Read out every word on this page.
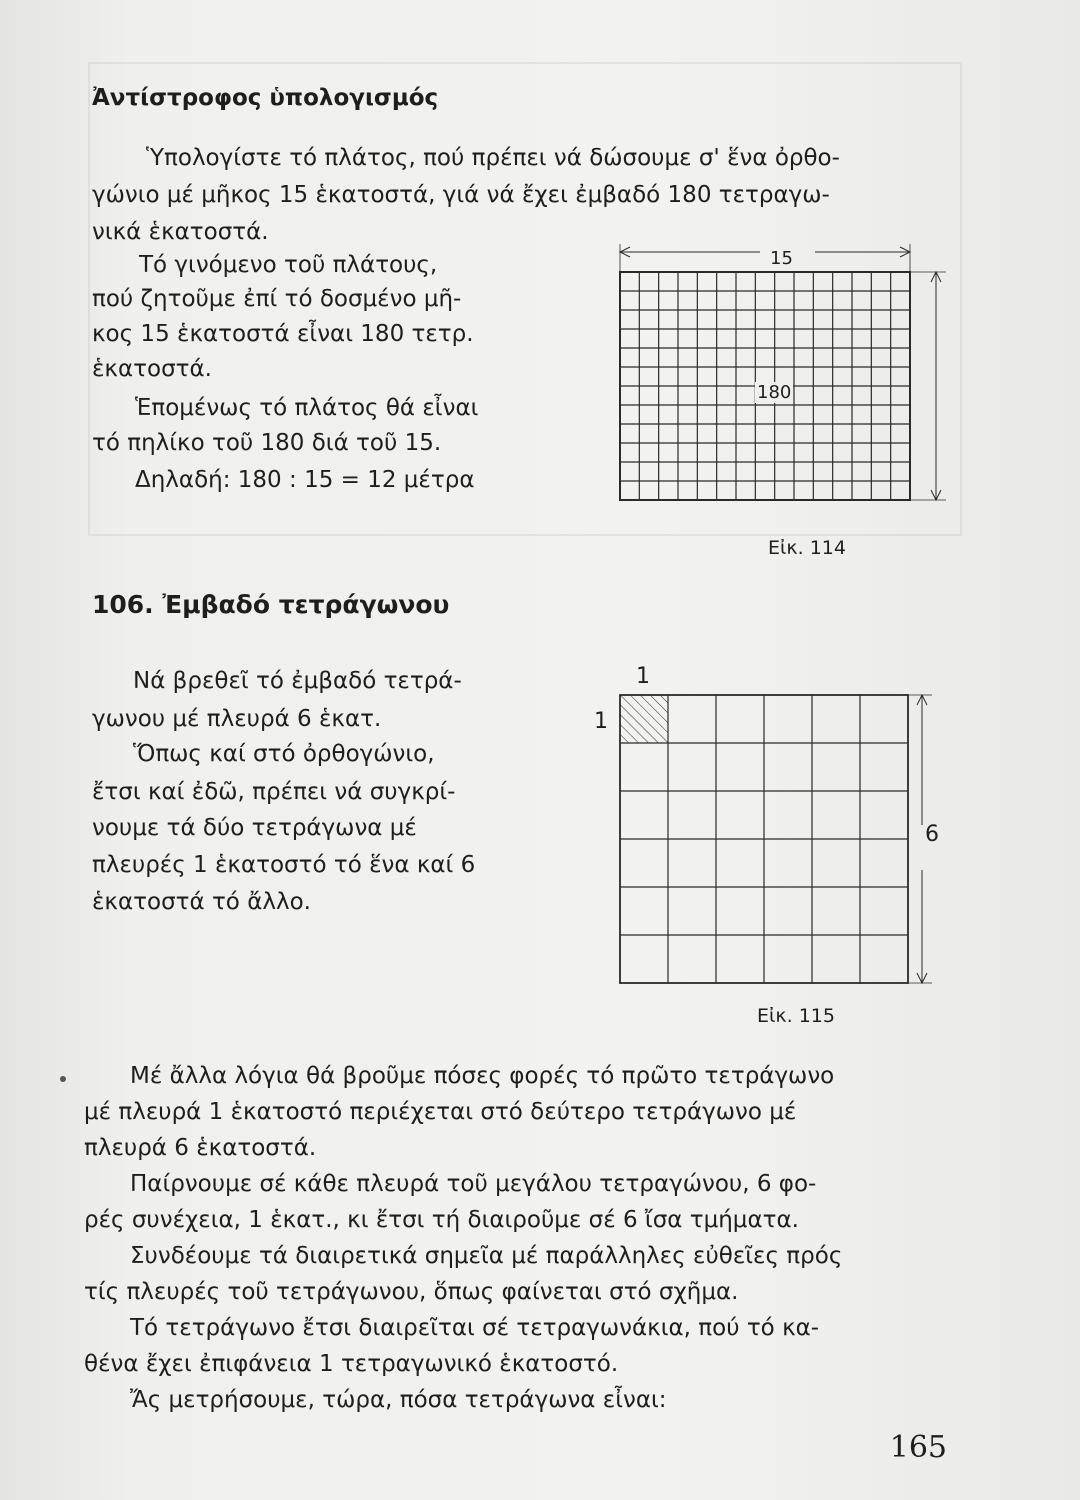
Ἀντίστροφος ὑπολογισμός
Ὑπολογίστε τό πλάτος, πού πρέπει νά δώσουμε σ' ἕνα ὀρθο-
γώνιο μέ μῆκος 15 ἑκατοστά, γιά νά ἔχει ἐμβαδό 180 τετραγω-
νικά ἑκατοστά.
Τό γινόμενο τοῦ πλάτους,
πού ζητοῦμε ἐπί τό δοσμένο μῆ-
κος 15 ἑκατοστά εἶναι 180 τετρ.
ἑκατοστά.
Ἑπομένως τό πλάτος θά εἶναι
τό πηλίκο τοῦ 180 διά τοῦ 15.
Δηλαδή: 180 : 15 = 12 μέτρα
15
180
Εἰκ. 114
106. Ἐμβαδό τετράγωνου
Νά βρεθεῖ τό ἐμβαδό τετρά-
γωνου μέ πλευρά 6 ἑκατ.
Ὅπως καί στό ὀρθογώνιο,
ἔτσι καί ἐδῶ, πρέπει νά συγκρί-
νουμε τά δύο τετράγωνα μέ
πλευρές 1 ἑκατοστό τό ἕνα καί 6
ἑκατοστά τό ἄλλο.
1
1
6
Εἰκ. 115
Μέ ἄλλα λόγια θά βροῦμε πόσες φορές τό πρῶτο τετράγωνο
μέ πλευρά 1 ἑκατοστό περιέχεται στό δεύτερο τετράγωνο μέ
πλευρά 6 ἑκατοστά.
Παίρνουμε σέ κάθε πλευρά τοῦ μεγάλου τετραγώνου, 6 φο-
ρές συνέχεια, 1 ἑκατ., κι ἔτσι τή διαιροῦμε σέ 6 ἴσα τμήματα.
Συνδέουμε τά διαιρετικά σημεῖα μέ παράλληλες εὐθεῖες πρός
τίς πλευρές τοῦ τετράγωνου, ὅπως φαίνεται στό σχῆμα.
Τό τετράγωνο ἔτσι διαιρεῖται σέ τετραγωνάκια, πού τό κα-
θένα ἔχει ἐπιφάνεια 1 τετραγωνικό ἑκατοστό.
Ἄς μετρήσουμε, τώρα, πόσα τετράγωνα εἶναι:
165
